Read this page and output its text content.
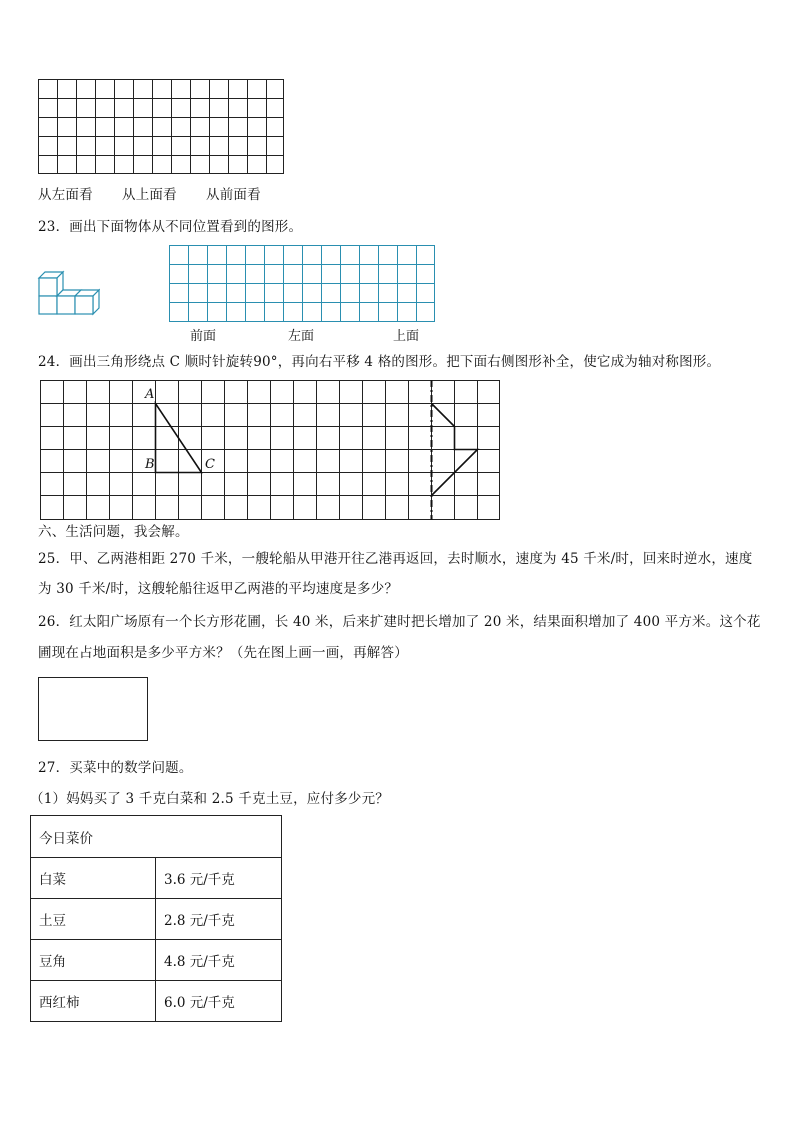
从左面看 从上面看 从前面看
23．画出下面物体从不同位置看到的图形。
前面	左面	上面
24．画出三角形绕点 C 顺时针旋转90°，再向右平移 4 格的图形。把下面右侧图形补全，使它成为轴对称图形。
A
B	C
六、生活问题，我会解。
25．甲、乙两港相距 270 千米，一艘轮船从甲港开往乙港再返回，去时顺水，速度为 45 千米/时，回来时逆水，速度
为 30 千米/时，这艘轮船往返甲乙两港的平均速度是多少？
26．红太阳广场原有一个长方形花圃，长 40 米，后来扩建时把长增加了 20 米，结果面积增加了 400 平方米。这个花
圃现在占地面积是多少平方米？（先在图上画一画，再解答）
27．买菜中的数学问题。
（1）妈妈买了 3 千克白菜和 2.5 千克土豆，应付多少元？
今日菜价	
白菜	3.6 元/千克
土豆	2.8 元/千克
豆角	4.8 元/千克
西红柿	6.0 元/千克
